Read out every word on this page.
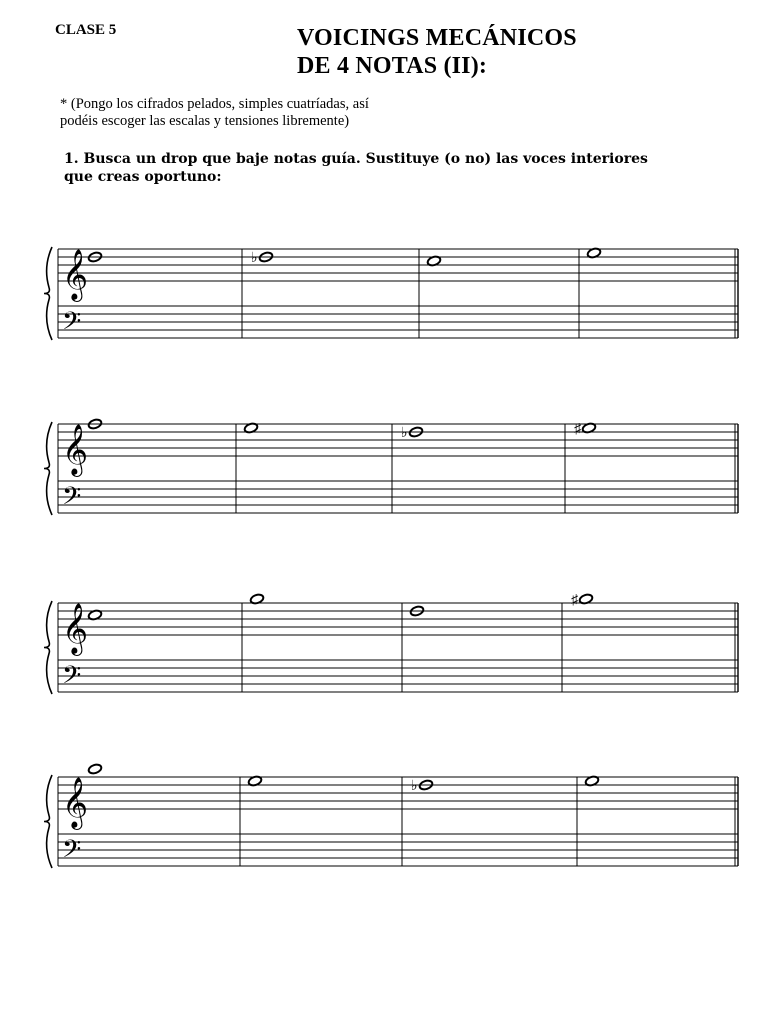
CLASE 5	VOICINGS MECÁNICOS
DE 4 NOTAS (II):
* (Pongo los cifrados pelados, simples cuatríadas, así
podéis escoger las escalas y tensiones libremente)
1. Busca un drop que baje notas guía. Sustituye (o no) las voces interiores
que creas oportuno:
𝄞
𝄢
♭
𝄞
𝄢
♭	♯
𝄞
𝄢
♯
𝄞
𝄢
♭
